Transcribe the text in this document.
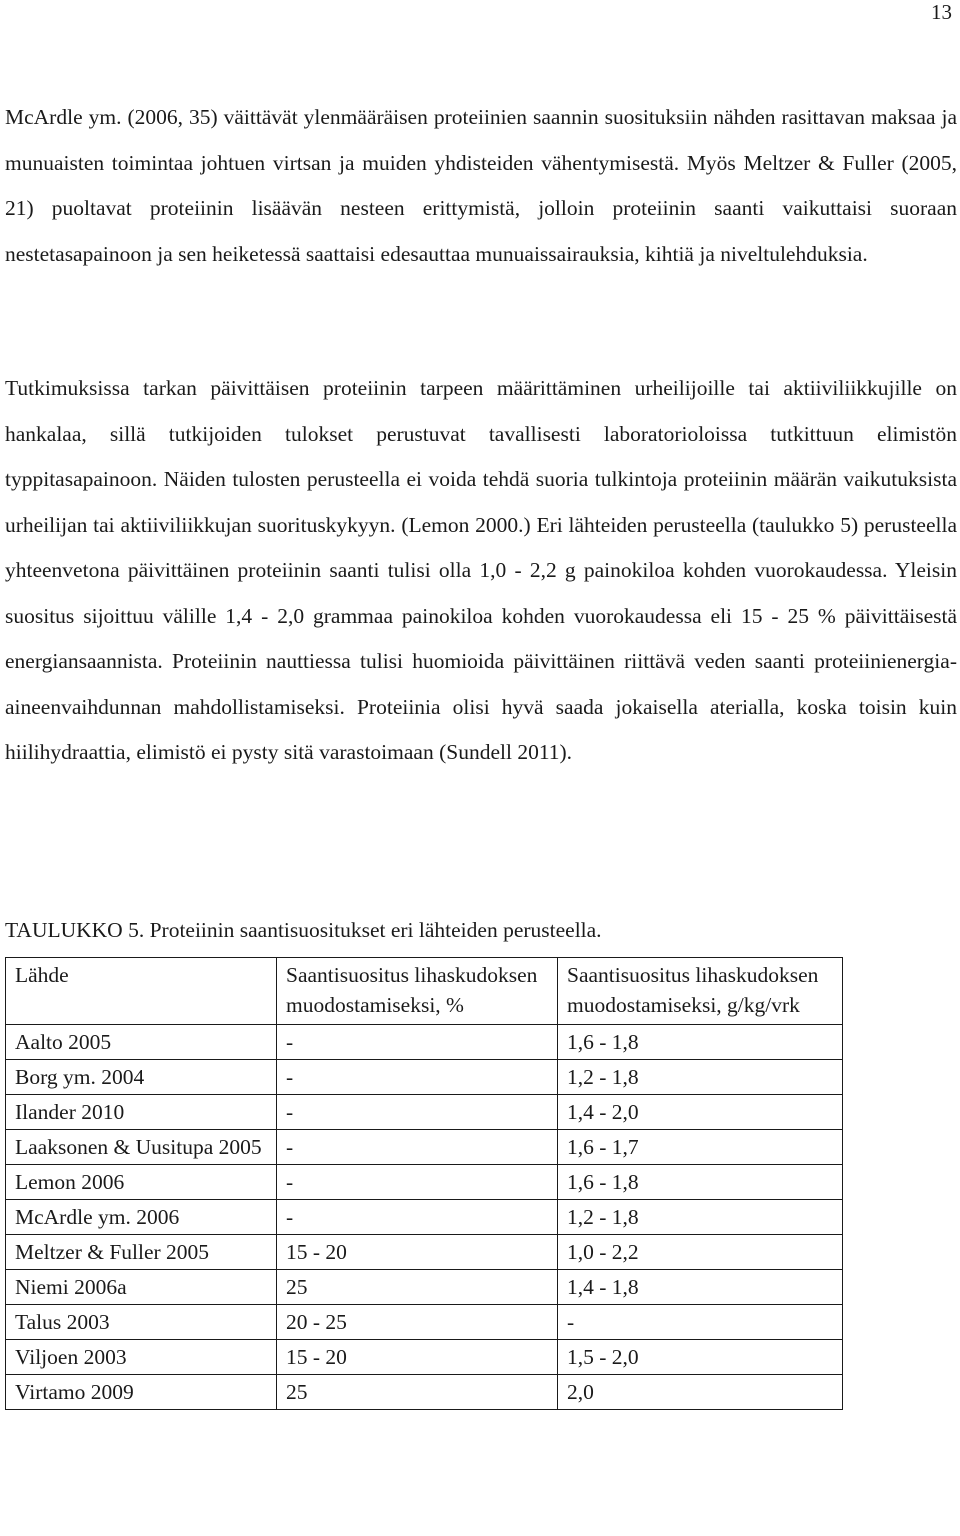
13

McArdle ym. (2006, 35) väittävät ylenmääräisen proteiinien saannin suosituksiin nähden rasittavan maksaa ja munuaisten toimintaa johtuen virtsan ja muiden yhdisteiden vähentymisestä. Myös Meltzer & Fuller (2005, 21) puoltavat proteiinin lisäävän nesteen erittymistä, jolloin proteiinin saanti vaikuttaisi suoraan nestetasapainoon ja sen heiketessä saattaisi edesauttaa munuaissairauksia, kihtiä ja niveltulehduksia.

Tutkimuksissa tarkan päivittäisen proteiinin tarpeen määrittäminen urheilijoille tai aktiiviliikkujille on hankalaa, sillä tutkijoiden tulokset perustuvat tavallisesti laboratorioloissa tutkittuun elimistön typpitasapainoon. Näiden tulosten perusteella ei voida tehdä suoria tulkintoja proteiinin määrän vaikutuksista urheilijan tai aktiiviliikkujan suorituskykyyn. (Lemon 2000.) Eri lähteiden perusteella (taulukko 5) perusteella yhteenvetona päivittäinen proteiinin saanti tulisi olla 1,0 - 2,2 g painokiloa kohden vuorokaudessa. Yleisin suositus sijoittuu välille 1,4 - 2,0 grammaa painokiloa kohden vuorokaudessa eli 15 - 25 % päivittäisestä energiansaannista. Proteiinin nauttiessa tulisi huomioida päivittäinen riittävä veden saanti proteiinienergia-aineenvaihdunnan mahdollistamiseksi. Proteiinia olisi hyvä saada jokaisella aterialla, koska toisin kuin hiilihydraattia, elimistö ei pysty sitä varastoimaan (Sundell 2011).

TAULUKKO 5. Proteiinin saantisuositukset eri lähteiden perusteella.

Lähde	Saantisuositus lihaskudoksen muodostamiseksi, %	Saantisuositus lihaskudoksen muodostamiseksi, g/kg/vrk
Aalto 2005	-	1,6 - 1,8
Borg ym. 2004	-	1,2 - 1,8
Ilander 2010	-	1,4 - 2,0
Laaksonen & Uusitupa 2005	-	1,6 - 1,7
Lemon 2006	-	1,6 - 1,8
McArdle ym. 2006	-	1,2 - 1,8
Meltzer & Fuller 2005	15 - 20	1,0 - 2,2
Niemi 2006a	25	1,4 - 1,8
Talus 2003	20 - 25	-
Viljoen 2003	15 - 20	1,5 - 2,0
Virtamo 2009	25	2,0
